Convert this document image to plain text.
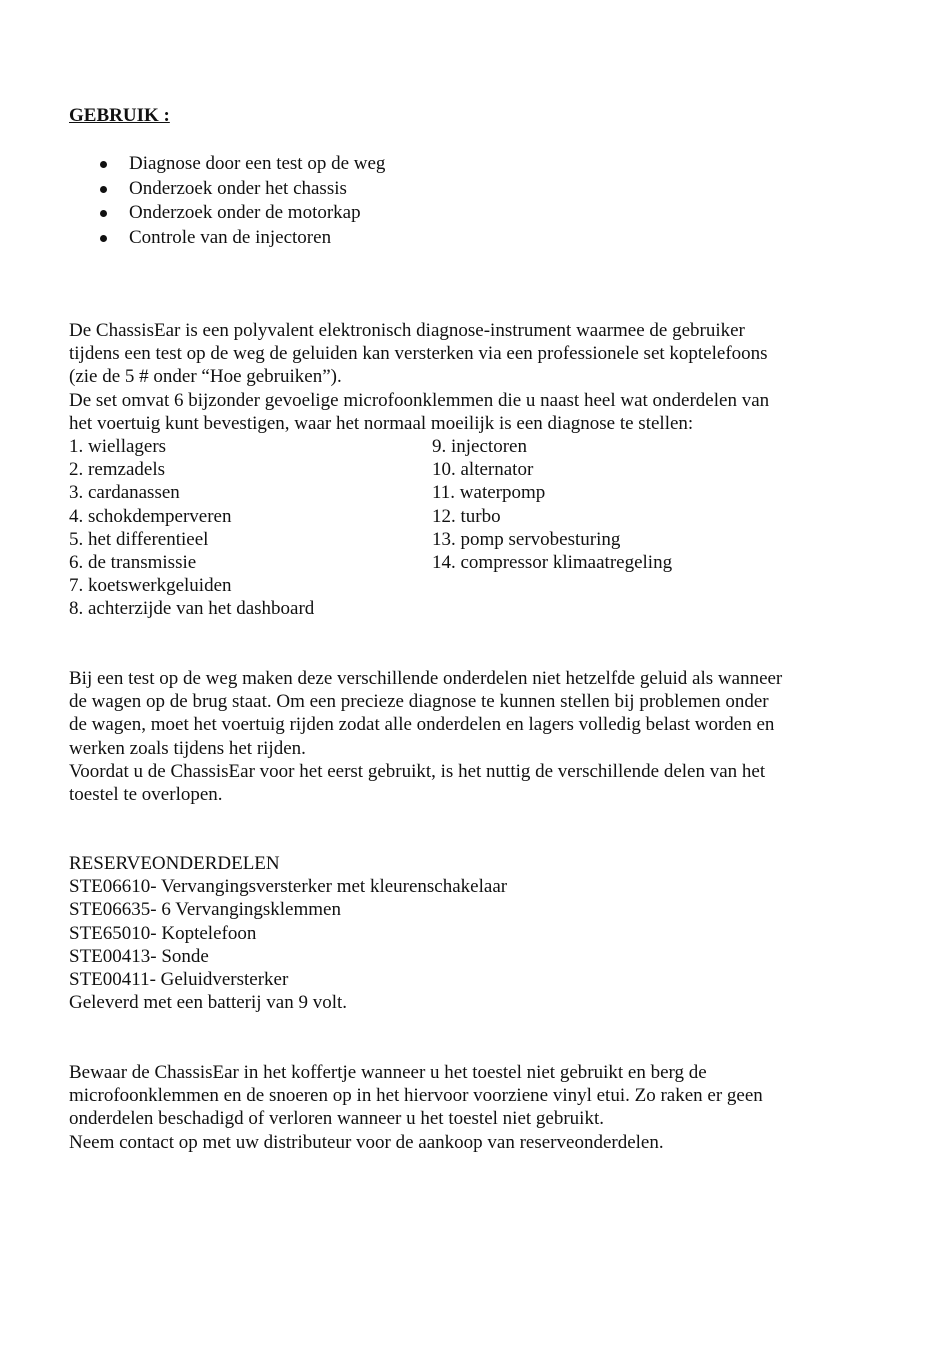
GEBRUIK :
Diagnose door een test op de weg
Onderzoek onder het chassis
Onderzoek onder de motorkap
Controle van de injectoren
De ChassisEar is een polyvalent elektronisch diagnose-instrument waarmee de gebruiker
tijdens een test op de weg de geluiden kan versterken via een professionele set koptelefoons
(zie de 5 # onder “Hoe gebruiken”).
De set omvat 6 bijzonder gevoelige microfoonklemmen die u naast heel wat onderdelen van
het voertuig kunt bevestigen, waar het normaal moeilijk is een diagnose te stellen:
1. wiellagers	9. injectoren
2. remzadels	10. alternator
3. cardanassen	11. waterpomp
4. schokdemperveren	12. turbo
5. het differentieel	13. pomp servobesturing
6. de transmissie	14. compressor klimaatregeling
7. koetswerkgeluiden
8. achterzijde van het dashboard
Bij een test op de weg maken deze verschillende onderdelen niet hetzelfde geluid als wanneer
de wagen op de brug staat. Om een precieze diagnose te kunnen stellen bij problemen onder
de wagen, moet het voertuig rijden zodat alle onderdelen en lagers volledig belast worden en
werken zoals tijdens het rijden.
Voordat u de ChassisEar voor het eerst gebruikt, is het nuttig de verschillende delen van het
toestel te overlopen.
RESERVEONDERDELEN
STE06610- Vervangingsversterker met kleurenschakelaar
STE06635- 6 Vervangingsklemmen
STE65010- Koptelefoon
STE00413- Sonde
STE00411- Geluidversterker
Geleverd met een batterij van 9 volt.
Bewaar de ChassisEar in het koffertje wanneer u het toestel niet gebruikt en berg de
microfoonklemmen en de snoeren op in het hiervoor voorziene vinyl etui. Zo raken er geen
onderdelen beschadigd of verloren wanneer u het toestel niet gebruikt.
Neem contact op met uw distributeur voor de aankoop van reserveonderdelen.
